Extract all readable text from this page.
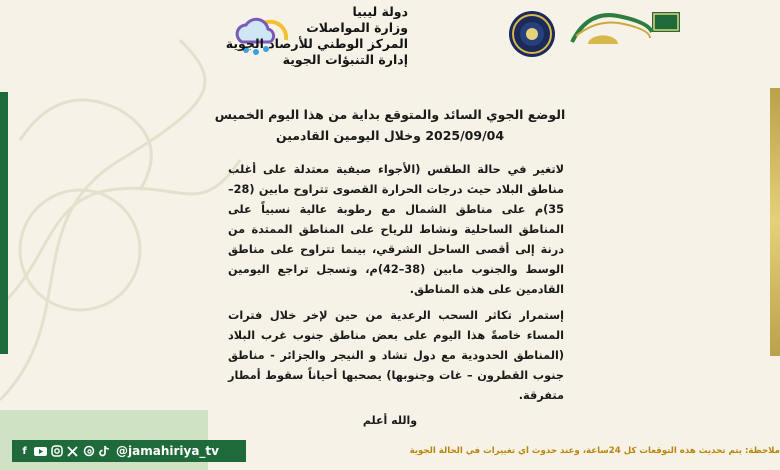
دولة ليبيا
وزارة المواصلات
المركز الوطني للأرصاد الجوية
إدارة التنبؤات الجوية
الوضع الجوي السائد والمتوقع بداية من هذا اليوم الخميس
2025/09/04 وخلال اليومين القادمين

لاتغير في حالة الطقس (الأجواء صيفية معتدلة على أغلب مناطق البلاد حيث درجات الحرارة القصوى تتراوح مابين (28–35)م على مناطق الشمال مع رطوبة عالية نسبياً على المناطق الساحلية ونشاط للرياح على المناطق الممتدة من درنة إلى أقصى الساحل الشرقي، بينما تتراوح على مناطق الوسط والجنوب مابين (38–42)م، وتسجل تراجع اليومين القادمين على هذه المناطق.

إستمرار تكاثر السحب الرعدية من حين لإخر خلال فترات المساء خاصةً هذا اليوم على بعض مناطق جنوب غرب البلاد (المناطق الحدودية مع دول تشاد و النيجر والجزائر - مناطق جنوب القطرون – غات وجنوبها) يصحبها أحياناً سقوط أمطار متفرقة.

والله أعلم
f	@jamahiriya_tv	ملاحظة: يتم تحديث هذه التوقعات كل 24ساعة، وعند حدوث أي تغييرات في الحالة الجوية
